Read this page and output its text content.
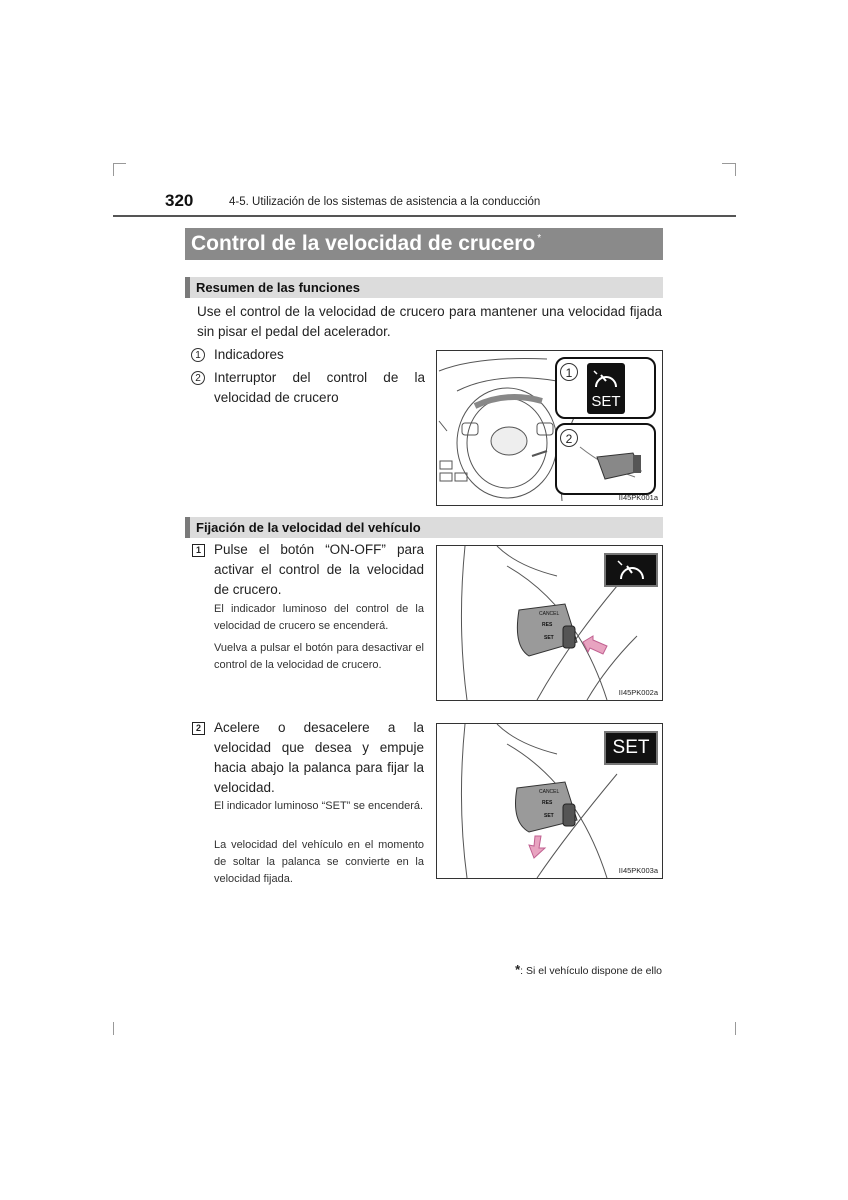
320	4-5. Utilización de los sistemas de asistencia a la conducción
Control de la velocidad de crucero*
Resumen de las funciones
Use el control de la velocidad de crucero para mantener una velocidad fijada sin pisar el pedal del acelerador.
1 Indicadores
2 Interruptor del control de la velocidad de crucero
1
SET
2
II45PK001a
Fijación de la velocidad del vehículo
1 Pulse el botón “ON-OFF” para activar el control de la velocidad de crucero.
El indicador luminoso del control de la velocidad de crucero se encenderá.
Vuelva a pulsar el botón para desactivar el control de la velocidad de crucero.
CANCEL
RES
SET
II45PK002a
2 Acelere o desacelere a la velocidad que desea y empuje hacia abajo la palanca para fijar la velocidad.
El indicador luminoso “SET” se encenderá.
La velocidad del vehículo en el momento de soltar la palanca se convierte en la velocidad fijada.
CANCEL
RES
SET
SET
II45PK003a
*: Si el vehículo dispone de ello
